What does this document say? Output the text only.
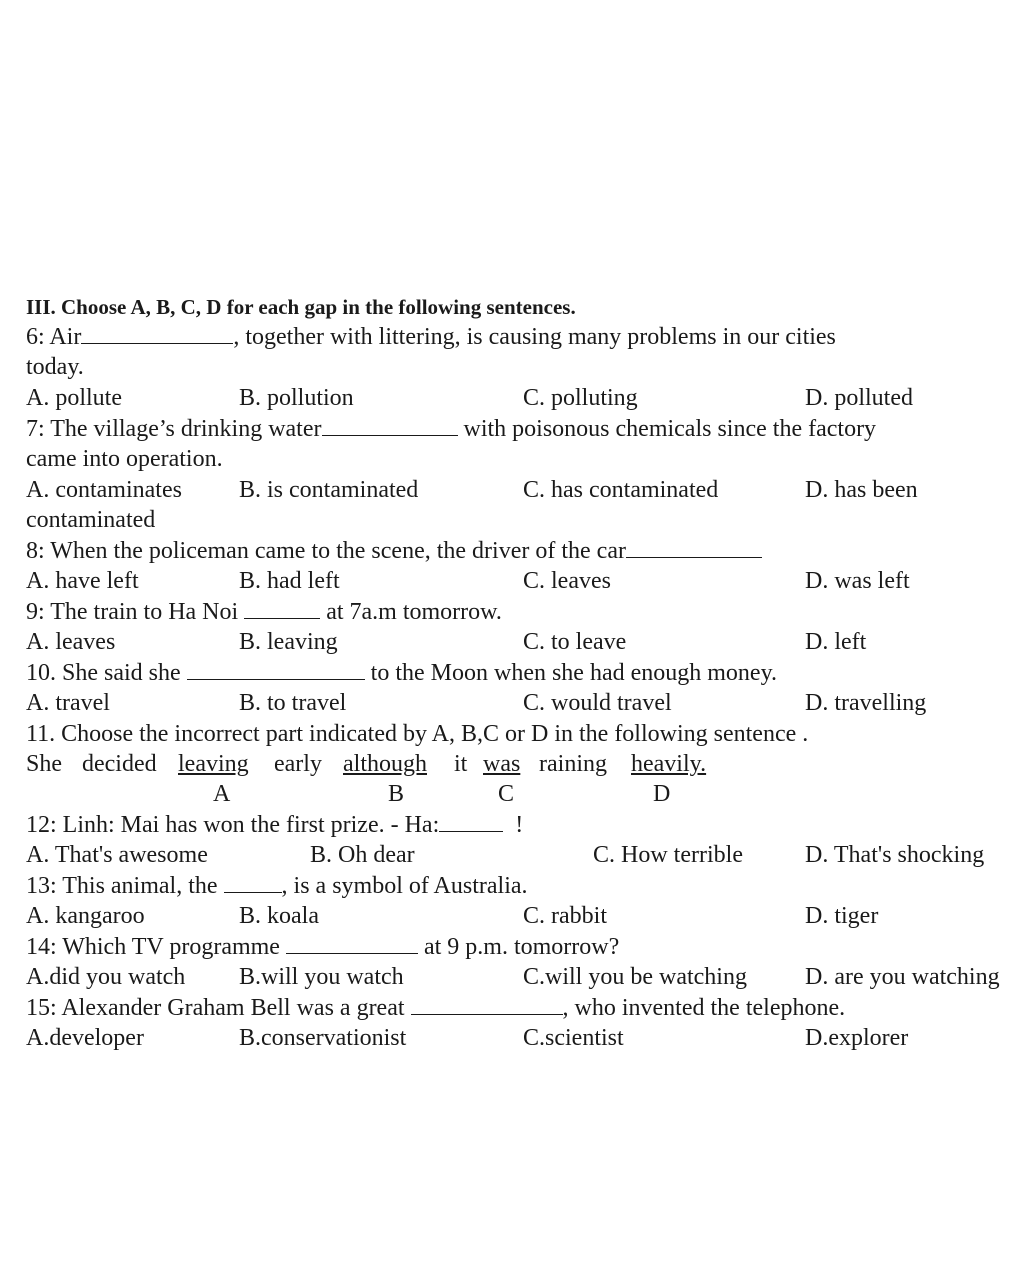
III. Choose A, B, C, D for each gap in the following sentences.
6: Air	, together with littering, is causing many problems in our cities
today.
A. pollute	B. pollution	C. polluting	D. polluted
7: The village’s drinking water	with poisonous chemicals since the factory
came into operation.
A. contaminates B. is contaminated	C. has contaminated	D. has been
contaminated
8: When the policeman came to the scene, the driver of the car
A. have left	B. had left	C. leaves	D. was left
9: The train to Ha Noi	at 7a.m tomorrow.
A. leaves	B. leaving	C. to leave	D. left
10. She said she	to the Moon when she had enough money.
A. travel	B. to travel	C. would travel	D. travelling
11. Choose the incorrect part indicated by A, B,C or D in the following sentence .
She decided leaving early although it was raining heavily.
A	B	C	D
12: Linh: Mai has won the first prize. - Ha:	!
A. That's awesome	B. Oh dear	C. How terrible	D. That's shocking
13: This animal, the	, is a symbol of Australia.
A. kangaroo	B. koala	C. rabbit	D. tiger
14: Which TV programme	at 9 p.m. tomorrow?
A.did you watch B.will you watch	C.will you be watching D. are you watching
15: Alexander Graham Bell was a great	, who invented the telephone.
A.developer	B.conservationist	C.scientist	D.explorer
